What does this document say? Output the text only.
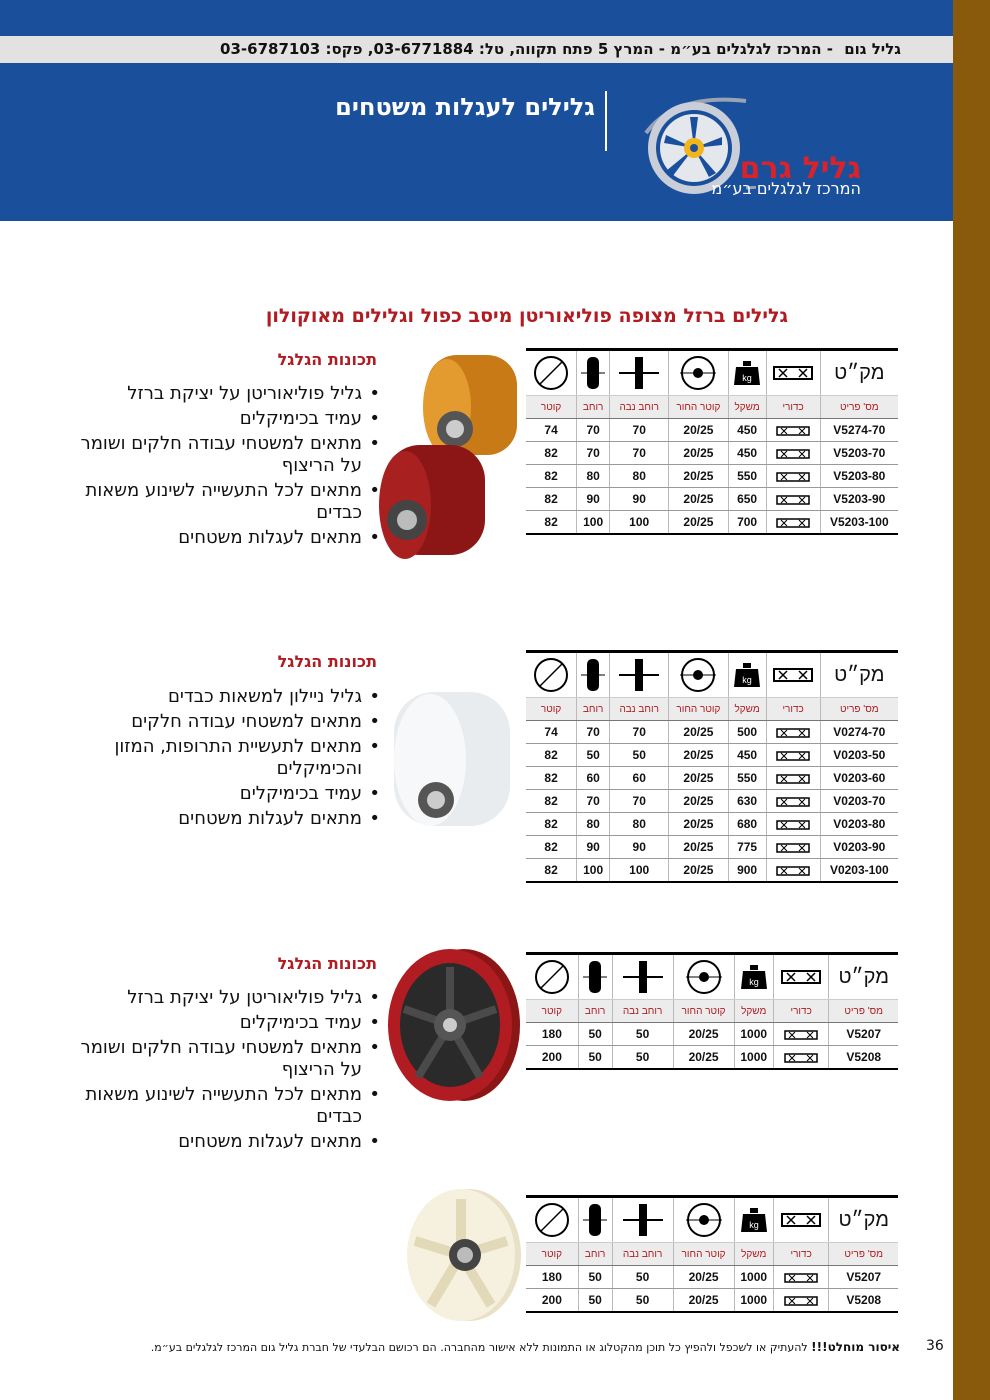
גליל גום - המרכז לגלגלים בע״מ - המרץ 5 פתח תקווה, טל: 03-6771884, פקס: 03-6787103
גלילים לעגלות משטחים
גליל גרם
המרכז לגלגלים בע״מ
גלילים ברזל מצופה פוליאוריטן מיסב כפול וגלילים מאוקולון
תכונות הגלגל
• גליל פוליאוריטן על יציקת ברזל
• עמיד בכימיקלים
• מתאים למשטחי עבודה חלקים ושומר על הריצוף
• מתאים לכל התעשייה לשינוע משאות כבדים
• מתאים לעגלות משטחים
מק״ט		kg

מס' פריט	כדורי	משקל	קוטר החור	רוחב נבה	רוחב	קוטר
V5274-70		450	20/25	70	70	74
V5203-70		450	20/25	70	70	82
V5203-80		550	20/25	80	80	82
V5203-90		650	20/25	90	90	82
V5203-100		700	20/25	100	100	82
תכונות הגלגל
• גליל ניילון למשאות כבדים
• מתאים למשטחי עבודה חלקים
• מתאים לתעשיית התרופות, המזון והכימיקלים
• עמיד בכימיקלים
• מתאים לעגלות משטחים
מק״ט		kg

מס' פריט	כדורי	משקל	קוטר החור	רוחב נבה	רוחב	קוטר
V0274-70		500	20/25	70	70	74
V0203-50		450	20/25	50	50	82
V0203-60		550	20/25	60	60	82
V0203-70		630	20/25	70	70	82
V0203-80		680	20/25	80	80	82
V0203-90		775	20/25	90	90	82
V0203-100		900	20/25	100	100	82
תכונות הגלגל
• גליל פוליאוריטן על יציקת ברזל
• עמיד בכימיקלים
• מתאים למשטחי עבודה חלקים ושומר על הריצוף
• מתאים לכל התעשייה לשינוע משאות כבדים
• מתאים לעגלות משטחים
מק״ט		kg

מס' פריט	כדורי	משקל	קוטר החור	רוחב נבה	רוחב	קוטר
V5207		1000	20/25	50	50	180
V5208		1000	20/25	50	50	200
מק״ט		kg

מס' פריט	כדורי	משקל	קוטר החור	רוחב נבה	רוחב	קוטר
V5207		1000	20/25	50	50	180
V5208		1000	20/25	50	50	200
איסור מוחלט!!! להעתיק או לשכפל ולהפיץ כל תוכן מהקטלוג או התמונות ללא אישור מהחברה. הם רכושם הבלעדי של חברת גליל גום המרכז לגלגלים בע״מ.	36
